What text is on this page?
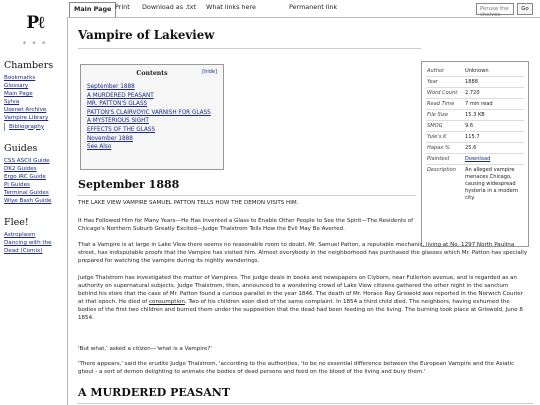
Pℓ
* * *
Chambers
Bookmarks
Glossary
Main Page
Sylva
Usenet Archive
Vampire Library
Bibliography
Guides
CSS ASCII Guide
DK2 Guides
Ergo IRC Guide
Pi Guides
Terminal Guides
Wiye Bash Guide
Flee!
Astroplasm
Dancing with the Dead (Comix)
Main Page Print Download as .txt What links here	Permanent link	Peruse the shelves
Go
Vampire of Lakeview
Contents	[hide]
September 1888
A MURDERED PEASANT
MR. PATTON'S GLASS
PATTON'S CLAIRVOYIC VARNISH FOR GLASS
A MYSTERIOUS SIGHT
EFFECTS OF THE GLASS
November 1888
See Also
Author	Unknown
Year	1888
Word Count	2,720
Read Time	7 min read
File Size	15.3 KB
SMOG	9.6
Yule's K	115.7
Hapax %	25.6
Plaintext	Download
Description	An alleged vampire menaces Chicago, causing widespread hysteria in a modern city.
September 1888

THE LAKE VIEW VAMPIRE SAMUEL PATTON TELLS HOW THE DEMON VISITS HIM.

It Has Followed Him for Many Years—He Has Invented a Glass to Enable Other People to See the Spirit—The Residents of Chicago's Northern Suburb Greatly Excited—Judge Thalstrom Tells How the Evil May Be Averted.

That a Vampire is at large in Lake View there seems no reasonable room to doubt. Mr. Samuel Patton, a reputable mechanic, living at No. 1297 North Paulina street, has indisputable proofs that the Vampire has visited him. Almost everybody in the neighborhood has purchased the glasses which Mr. Patton has specially prepared for watching the vampire during its nightly wanderings.

Judge Thalstrom has investigated the matter of Vampires. The judge deals in books and newspapers on Clyborn, near Fullerton avenue, and is regarded as an authority on supernatural subjects. Judge Thalstrom, then, announced to a wondering crowd of Lake View citizens gathered the other night in the sanctum behind his store that the case of Mr. Patton found a curious parallel in the year 1846. The death of Mr. Horace Ray Griswold was reported in the Norwich Courier at that epoch. He died of consumption. Two of his children soon died of the same complaint. In 1854 a third child died. The neighbors, having exhumed the bodies of the first two children and burned them under the supposition that the dead had been feeding on the living. The burning took place at Griswold, June 8 1854.

'But what,' asked a citizen—'what is a Vampire?'

'There appears,' said the erudite Judge Thalstrom, 'according to the authorities, 'to be no essential difference between the European Vampire and the Asiatic ghoul - a sort of demon delighting to animate the bodies of dead persons and feed on the blood of the living and bury them.'

A MURDERED PEASANT
